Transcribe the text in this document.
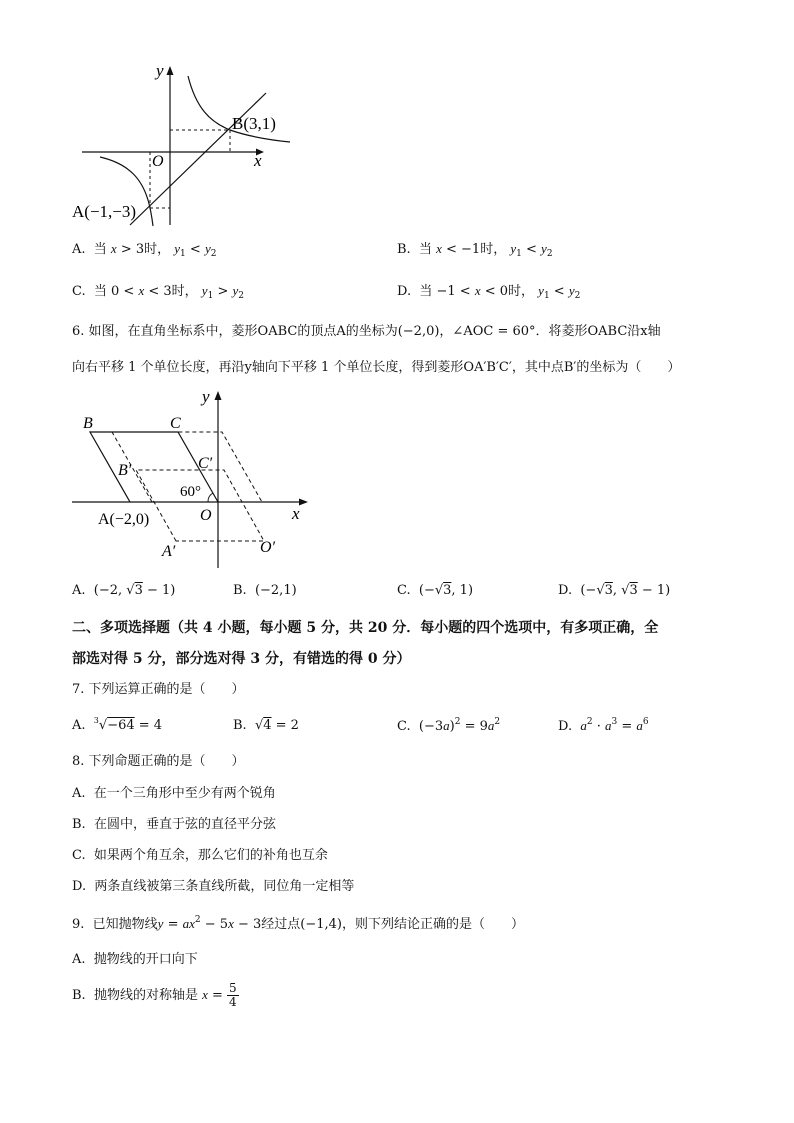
y
x
O
B(3,1)
A(−1,−3)
A.  当 x > 3时， $y_1 < y_2$	B.  当 x < −1时， $y_1 < y_2$
C.  当 0 < x < 3时， $y_1 > y_2$	D.  当 −1 < x < 0时， $y_1 < y_2$
6. 如图，在直角坐标系中，菱形OABC的顶点A的坐标为(−2,0)，∠AOC = 60°．将菱形OABC沿x轴
向右平移 1 个单位长度，再沿y轴向下平移 1 个单位长度，得到菱形OA′B′C′，其中点B′的坐标为（　　）
y
x
O
B	C
B′	C′
60°
A(−2,0)
A′	O′
A.  (−2, √3 − 1)	B.  (−2,1)	C.  (−√3, 1)	D.  (−√3, √3 − 1)
二、多项选择题（共 4 小题，每小题 5 分，共 20 分．每小题的四个选项中，有多项正确，全
部选对得 5 分，部分选对得 3 分，有错选的得 0 分）
7. 下列运算正确的是（　　）
A.  $^3$√−64 = 4	B.  √4 = 2	C.  $(-3a)^2 = 9a^2$	D.  $a^2 \cdot a^3 = a^6$
8. 下列命题正确的是（　　）
A. 在一个三角形中至少有两个锐角
B. 在圆中，垂直于弦的直径平分弦
C. 如果两个角互余，那么它们的补角也互余
D. 两条直线被第三条直线所截，同位角一定相等
9.  已知抛物线$y = ax^2 - 5x - 3$经过点(−1,4)，则下列结论正确的是（　　）
A. 抛物线的开口向下
B.  抛物线的对称轴是 $x = \frac{5}{4}$
